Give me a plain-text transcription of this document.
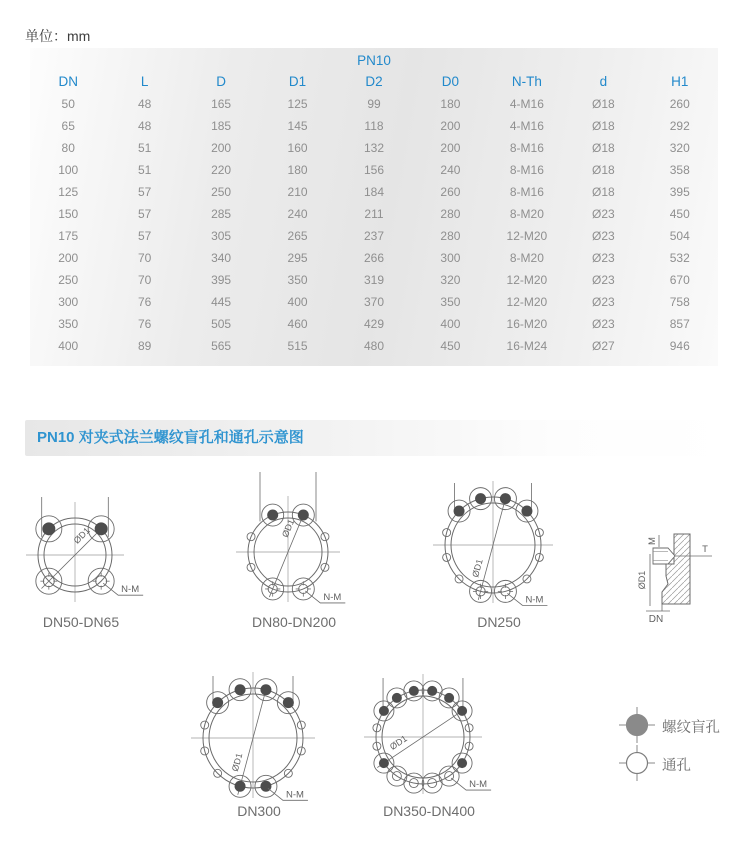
单位：mm
PN10
DN	L	D	D1	D2	D0	N-Th	d	H1
50	48	165	125	99	180	4-M16	Ø18	260
65	48	185	145	118	200	4-M16	Ø18	292
80	51	200	160	132	200	8-M16	Ø18	320
100	51	220	180	156	240	8-M16	Ø18	358
125	57	250	210	184	260	8-M16	Ø18	395
150	57	285	240	211	280	8-M20	Ø23	450
175	57	305	265	237	280	12-M20	Ø23	504
200	70	340	295	266	300	8-M20	Ø23	532
250	70	395	350	319	320	12-M20	Ø23	670
300	76	445	400	370	350	12-M20	Ø23	758
350	76	505	460	429	400	16-M20	Ø23	857
400	89	565	515	480	450	16-M24	Ø27	946
PN10 对夹式法兰螺纹盲孔和通孔示意图
ØD1
N-M
ØD1
N-M
ØD1
N-M
ØD1
N-M
ØD1
N-M
M
ØD1
T
DN
DN50-DN65	DN80-DN200	DN250
DN300	DN350-DN400
螺纹盲孔
通孔
